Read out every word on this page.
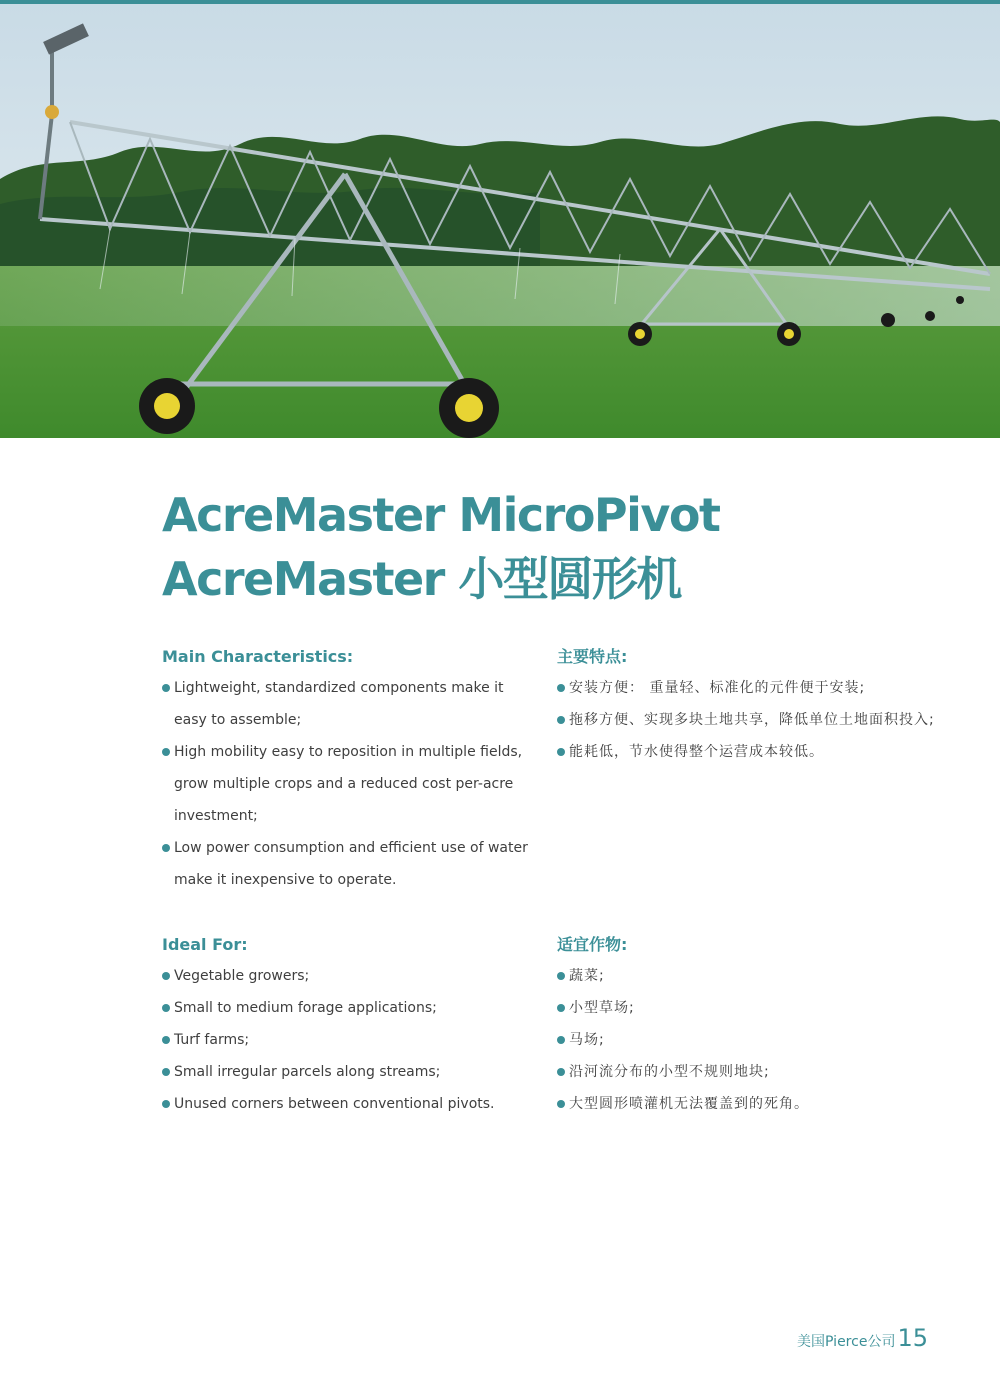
AcreMaster MicroPivot
AcreMaster 小型圆形机
Main Characteristics:	主要特点:
Lightweight, standardized components make it easy to assemble;
High mobility easy to reposition in multiple fields, grow multiple crops and a reduced cost per-acre investment;
Low power consumption and efficient use of water make it inexpensive to operate.
安装方便： 重量轻、标准化的元件便于安装;
拖移方便、实现多块土地共享，降低单位土地面积投入;
能耗低，节水使得整个运营成本较低。
Ideal For:	适宜作物:
Vegetable growers;
Small to medium forage applications;
Turf farms;
Small irregular parcels along streams;
Unused corners between conventional pivots.
蔬菜;
小型草场;
马场;
沿河流分布的小型不规则地块;
大型圆形喷灌机无法覆盖到的死角。
美国Pierce公司15
